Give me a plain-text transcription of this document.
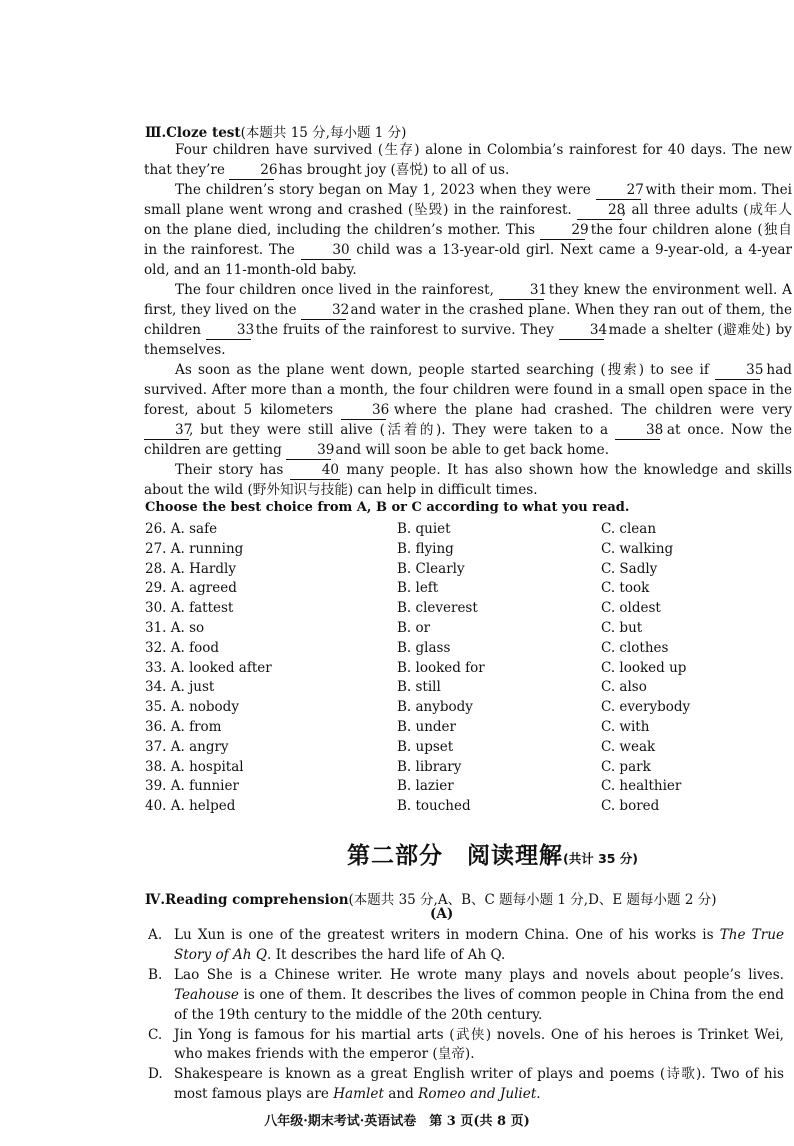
Ⅲ.Cloze test(本题共 15 分,每小题 1 分)

Four children have survived (生存) alone in Colombia’s rainforest for 40 days. The new that they’re 26 has brought joy (喜悦) to all of us.

The children’s story began on May 1, 2023 when they were 27 with their mom. Thei small plane went wrong and crashed (坠毁) in the rainforest. 28, all three adults (成年人 on the plane died, including the children’s mother. This 29 the four children alone (独自 in the rainforest. The 30 child was a 13-year-old girl. Next came a 9-year-old, a 4-year old, and an 11-month-old baby.

The four children once lived in the rainforest, 31 they knew the environment well. A first, they lived on the 32 and water in the crashed plane. When they ran out of them, the children 33 the fruits of the rainforest to survive. They 34 made a shelter (避难处) by themselves.

As soon as the plane went down, people started searching (搜索) to see if 35 had survived. After more than a month, the four children were found in a small open space in the forest, about 5 kilometers 36 where the plane had crashed. The children were very 37, but they were still alive (活着的). They were taken to a 38 at once. Now the children are getting 39 and will soon be able to get back home.

Their story has 40 many people. It has also shown how the knowledge and skills about the wild (野外知识与技能) can help in difficult times.

Choose the best choice from A, B or C according to what you read.
26. A. safe	B. quiet	C. clean
27. A. running	B. flying	C. walking
28. A. Hardly	B. Clearly	C. Sadly
29. A. agreed	B. left	C. took
30. A. fattest	B. cleverest	C. oldest
31. A. so	B. or	C. but
32. A. food	B. glass	C. clothes
33. A. looked after	B. looked for	C. looked up
34. A. just	B. still	C. also
35. A. nobody	B. anybody	C. everybody
36. A. from	B. under	C. with
37. A. angry	B. upset	C. weak
38. A. hospital	B. library	C. park
39. A. funnier	B. lazier	C. healthier
40. A. helped	B. touched	C. bored
第二部分 阅读理解(共计 35 分)
Ⅳ.Reading comprehension(本题共 35 分,A、B、C 题每小题 1 分,D、E 题每小题 2 分)
(A)
A. Lu Xun is one of the greatest writers in modern China. One of his works is The True Story of Ah Q. It describes the hard life of Ah Q.
B. Lao She is a Chinese writer. He wrote many plays and novels about people’s lives. Teahouse is one of them. It describes the lives of common people in China from the end of the 19th century to the middle of the 20th century.
C. Jin Yong is famous for his martial arts (武侠) novels. One of his heroes is Trinket Wei, who makes friends with the emperor (皇帝).
D. Shakespeare is known as a great English writer of plays and poems (诗歌). Two of his most famous plays are Hamlet and Romeo and Juliet.
八年级·期末考试·英语试卷　第 3 页(共 8 页)
